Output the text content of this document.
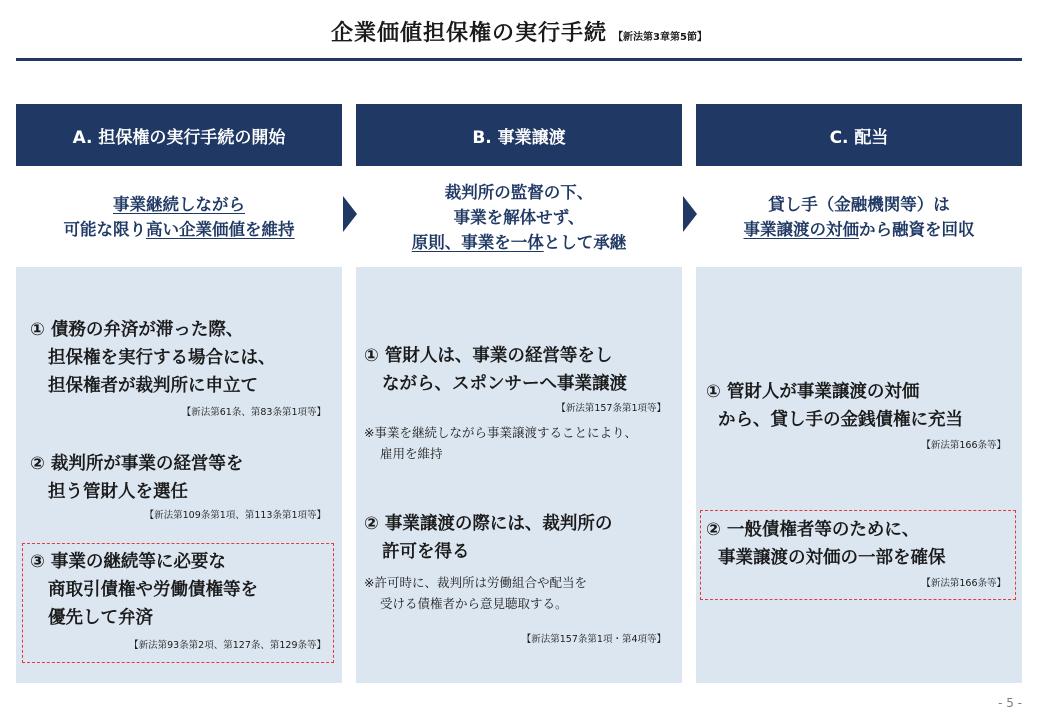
企業価値担保権の実行手続 【新法第3章第5節】
A. 担保権の実行手続の開始	B. 事業譲渡	C. 配当
事業継続しながら
可能な限り高い企業価値を維持
裁判所の監督の下、
事業を解体せず、
原則、事業を一体として承継
貸し手（金融機関等）は
事業譲渡の対価から融資を回収
① 債務の弁済が滞った際、
担保権を実行する場合には、
担保権者が裁判所に申立て
【新法第61条、第83条第1項等】
② 裁判所が事業の経営等を
担う管財人を選任
【新法第109条第1項、第113条第1項等】
③ 事業の継続等に必要な
商取引債権や労働債権等を
優先して弁済
【新法第93条第2項、第127条、第129条等】
① 管財人は、事業の経営等をし
ながら、スポンサーへ事業譲渡
【新法第157条第1項等】
※事業を継続しながら事業譲渡することにより、
雇用を維持
② 事業譲渡の際には、裁判所の
許可を得る
※許可時に、裁判所は労働組合や配当を
受ける債権者から意見聴取する。
【新法第157条第1項・第4項等】
① 管財人が事業譲渡の対価
から、貸し手の金銭債権に充当
【新法第166条等】
② 一般債権者等のために、
事業譲渡の対価の一部を確保
【新法第166条等】
- 5 -
